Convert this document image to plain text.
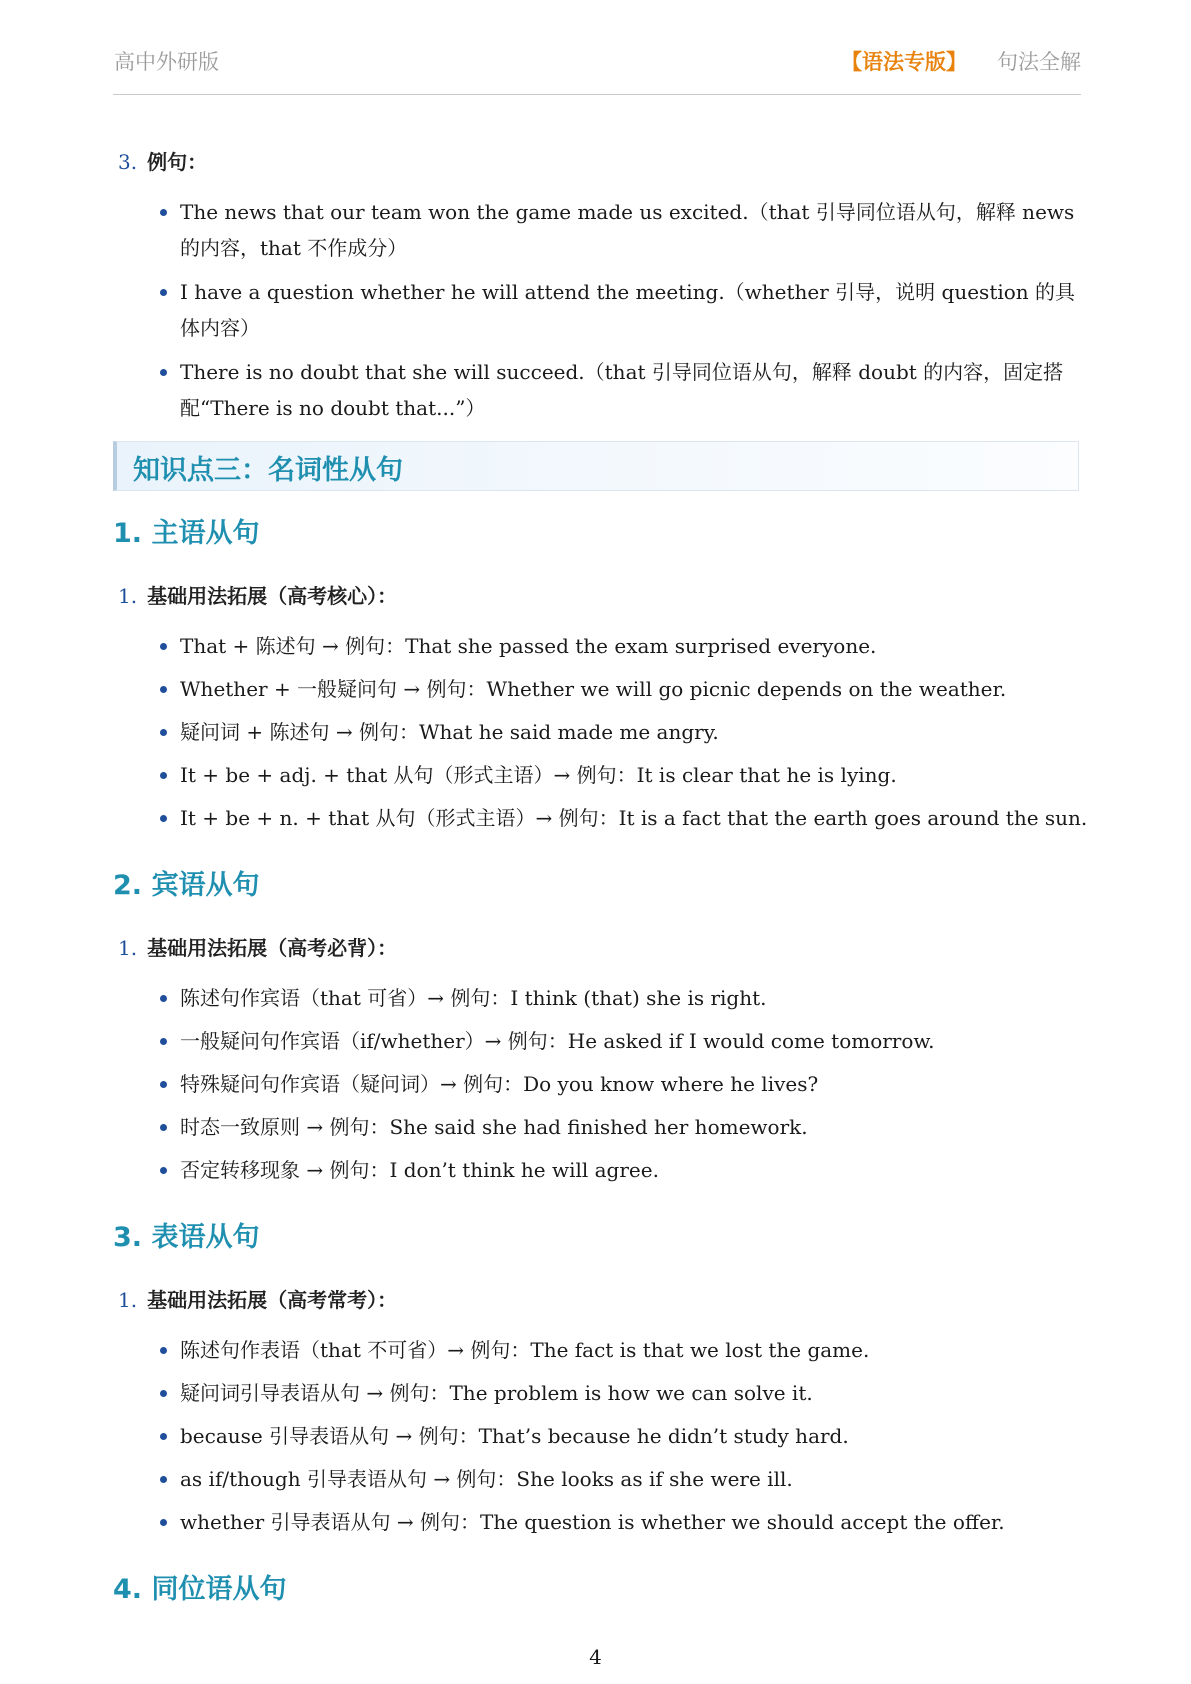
高中外研版	【语法专版】 句法全解
3. 例句：
The news that our team won the game made us excited.（that 引导同位语从句，解释 news 的内容，that 不作成分）
I have a question whether he will attend the meeting.（whether 引导，说明 question 的具体内容）
There is no doubt that she will succeed.（that 引导同位语从句，解释 doubt 的内容，固定搭配“There is no doubt that...”）
知识点三：名词性从句
1. 主语从句
1. 基础用法拓展（高考核心）：
That + 陈述句 → 例句：That she passed the exam surprised everyone.
Whether + 一般疑问句 → 例句：Whether we will go picnic depends on the weather.
疑问词 + 陈述句 → 例句：What he said made me angry.
It + be + adj. + that 从句（形式主语）→ 例句：It is clear that he is lying.
It + be + n. + that 从句（形式主语）→ 例句：It is a fact that the earth goes around the sun.
2. 宾语从句
1. 基础用法拓展（高考必背）：
陈述句作宾语（that 可省）→ 例句：I think (that) she is right.
一般疑问句作宾语（if/whether）→ 例句：He asked if I would come tomorrow.
特殊疑问句作宾语（疑问词）→ 例句：Do you know where he lives?
时态一致原则 → 例句：She said she had finished her homework.
否定转移现象 → 例句：I don’t think he will agree.
3. 表语从句
1. 基础用法拓展（高考常考）：
陈述句作表语（that 不可省）→ 例句：The fact is that we lost the game.
疑问词引导表语从句 → 例句：The problem is how we can solve it.
because 引导表语从句 → 例句：That’s because he didn’t study hard.
as if/though 引导表语从句 → 例句：She looks as if she were ill.
whether 引导表语从句 → 例句：The question is whether we should accept the offer.
4. 同位语从句
4
